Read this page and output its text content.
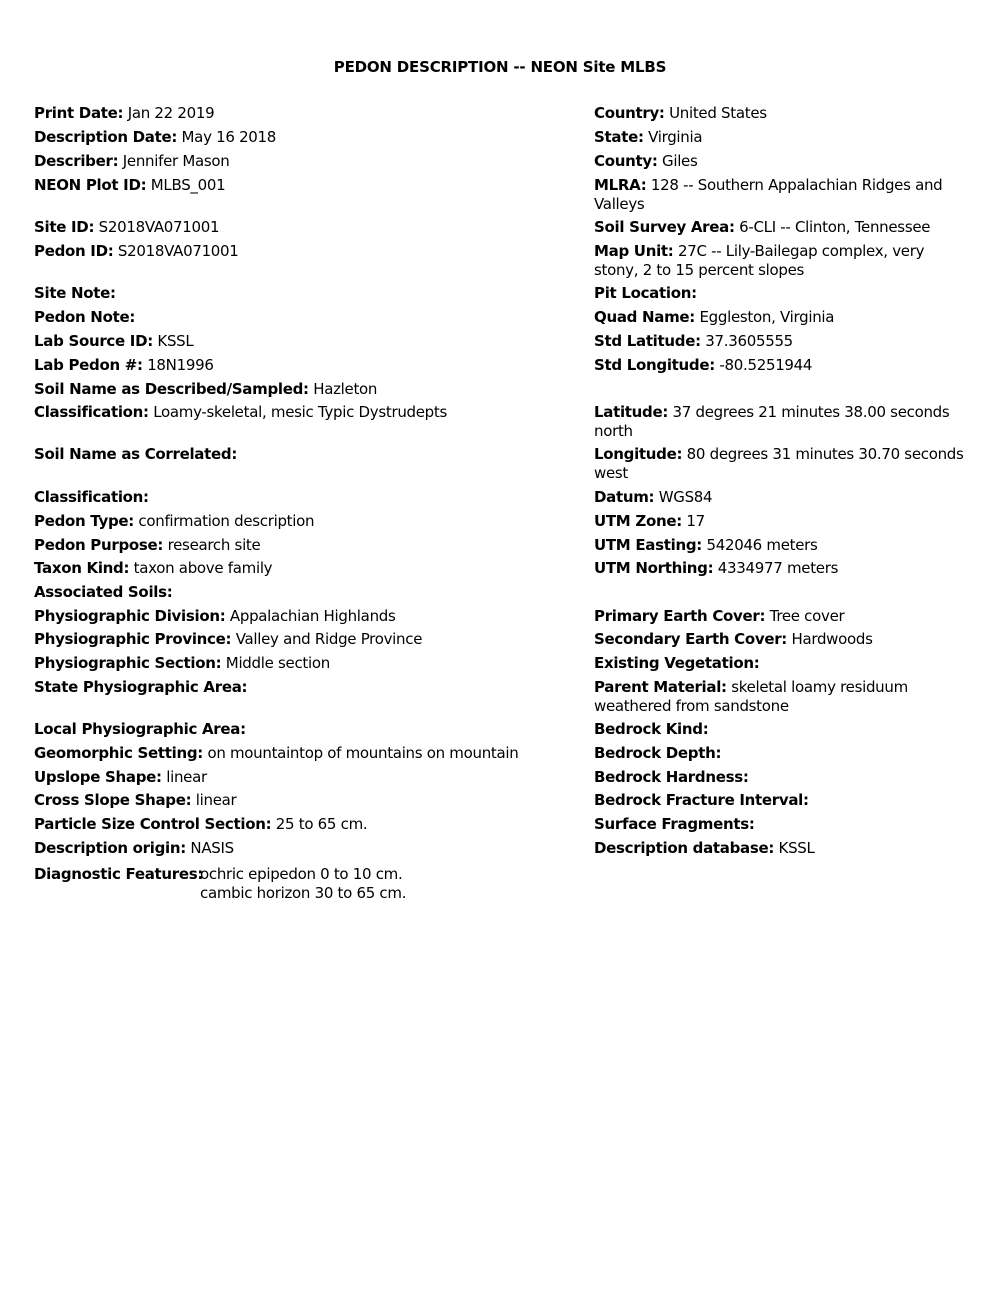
PEDON DESCRIPTION -- NEON Site MLBS
Print Date: Jan 22 2019
Description Date: May 16 2018
Describer: Jennifer Mason
NEON Plot ID: MLBS_001
Site ID: S2018VA071001
Pedon ID: S2018VA071001
Site Note:
Pedon Note:
Lab Source ID: KSSL
Lab Pedon #: 18N1996
Soil Name as Described/Sampled: Hazleton
Classification: Loamy-skeletal, mesic Typic Dystrudepts
Soil Name as Correlated:
Classification:
Pedon Type: confirmation description
Pedon Purpose: research site
Taxon Kind: taxon above family
Associated Soils:
Physiographic Division: Appalachian Highlands
Physiographic Province: Valley and Ridge Province
Physiographic Section: Middle section
State Physiographic Area:
Local Physiographic Area:
Geomorphic Setting: on mountaintop of mountains on mountain
Upslope Shape: linear
Cross Slope Shape: linear
Particle Size Control Section: 25 to 65 cm.
Description origin: NASIS
Diagnostic Features:
ochric epipedon 0 to 10 cm.
cambic horizon 30 to 65 cm.
Country: United States
State: Virginia
County: Giles
MLRA: 128 -- Southern Appalachian Ridges and Valleys
Soil Survey Area: 6-CLI -- Clinton, Tennessee
Map Unit: 27C -- Lily-Bailegap complex, very stony, 2 to 15 percent slopes
Pit Location:
Quad Name: Eggleston, Virginia
Std Latitude: 37.3605555
Std Longitude: -80.5251944
Latitude: 37 degrees 21 minutes 38.00 seconds north
Longitude: 80 degrees 31 minutes 30.70 seconds west
Datum: WGS84
UTM Zone: 17
UTM Easting: 542046 meters
UTM Northing: 4334977 meters
Primary Earth Cover: Tree cover
Secondary Earth Cover: Hardwoods
Existing Vegetation:
Parent Material: skeletal loamy residuum weathered from sandstone
Bedrock Kind:
Bedrock Depth:
Bedrock Hardness:
Bedrock Fracture Interval:
Surface Fragments:
Description database: KSSL
